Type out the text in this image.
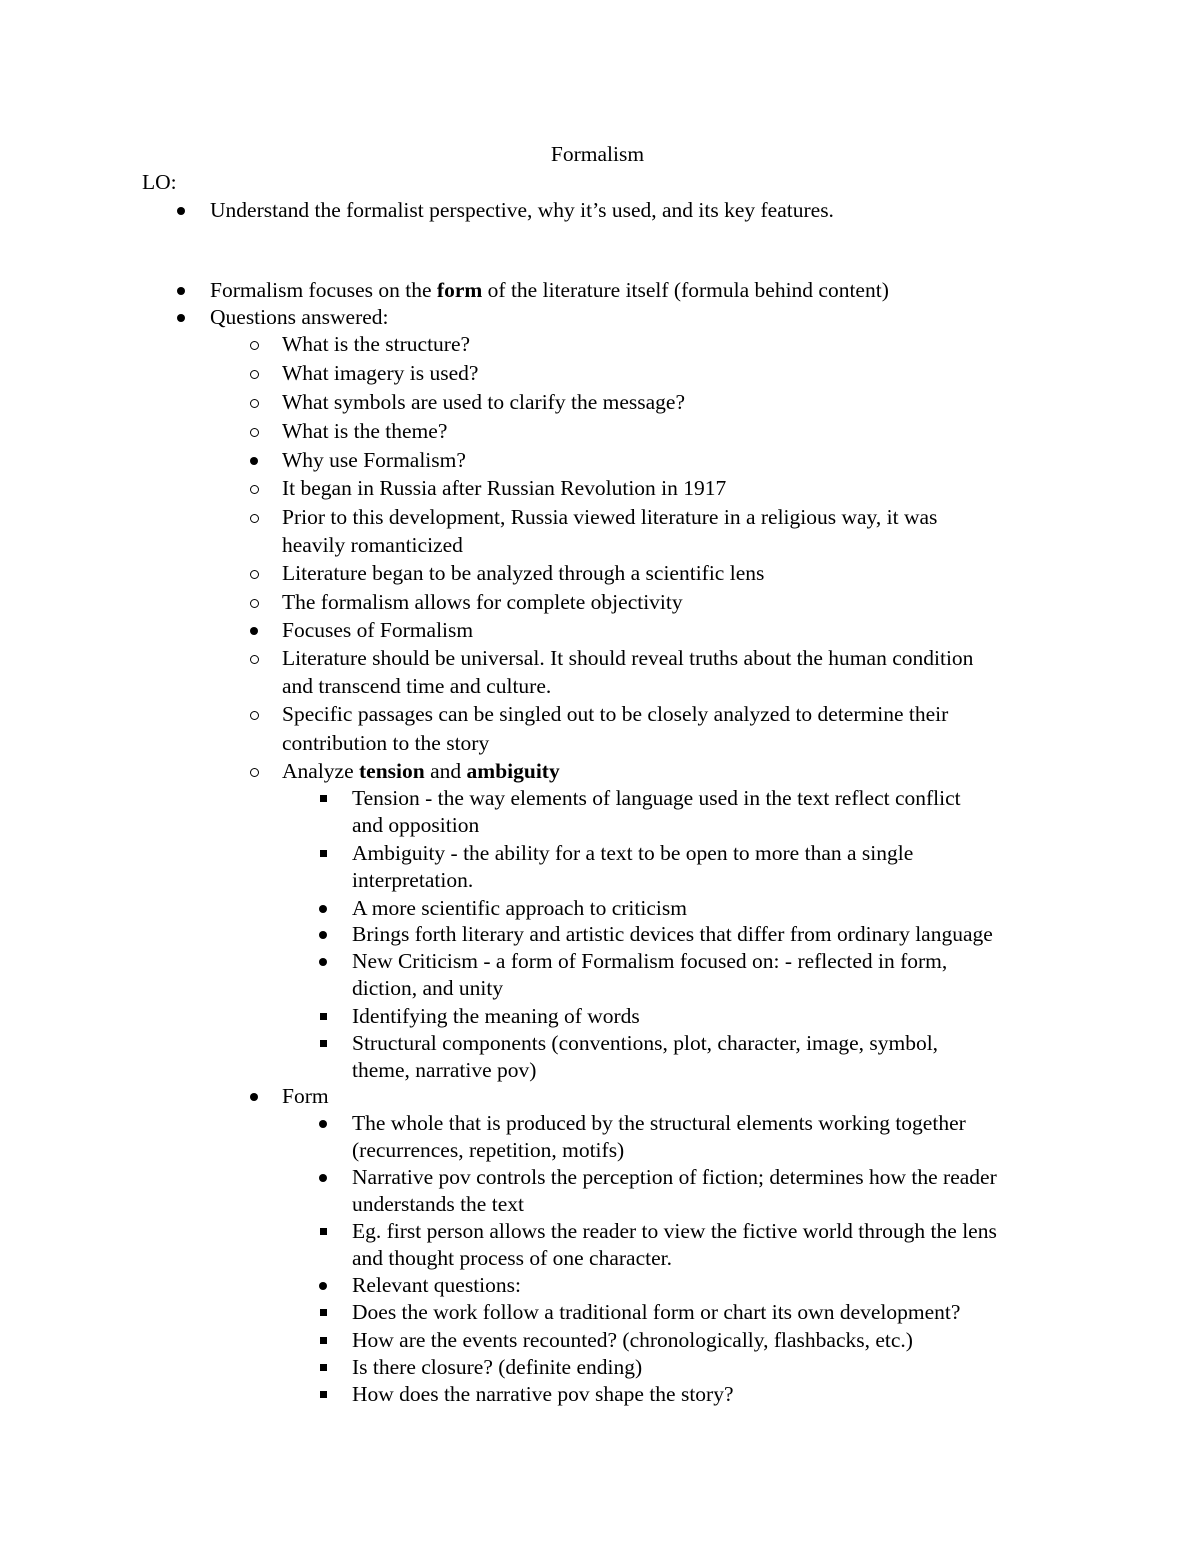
Formalism
LO:
Understand the formalist perspective, why it’s used, and its key features.
Formalism focuses on the form of the literature itself (formula behind content)
Questions answered:
What is the structure?
What imagery is used?
What symbols are used to clarify the message?
What is the theme?
Why use Formalism?
It began in Russia after Russian Revolution in 1917
Prior to this development, Russia viewed literature in a religious way, it was
heavily romanticized
Literature began to be analyzed through a scientific lens
The formalism allows for complete objectivity
Focuses of Formalism
Literature should be universal. It should reveal truths about the human condition
and transcend time and culture.
Specific passages can be singled out to be closely analyzed to determine their
contribution to the story
Analyze tension and ambiguity
Tension - the way elements of language used in the text reflect conflict
and opposition
Ambiguity - the ability for a text to be open to more than a single
interpretation.
A more scientific approach to criticism
Brings forth literary and artistic devices that differ from ordinary language
New Criticism - a form of Formalism focused on: - reflected in form,
diction, and unity
Identifying the meaning of words
Structural components (conventions, plot, character, image, symbol,
theme, narrative pov)
Form
The whole that is produced by the structural elements working together
(recurrences, repetition, motifs)
Narrative pov controls the perception of fiction; determines how the reader
understands the text
Eg. first person allows the reader to view the fictive world through the lens
and thought process of one character.
Relevant questions:
Does the work follow a traditional form or chart its own development?
How are the events recounted? (chronologically, flashbacks, etc.)
Is there closure? (definite ending)
How does the narrative pov shape the story?
